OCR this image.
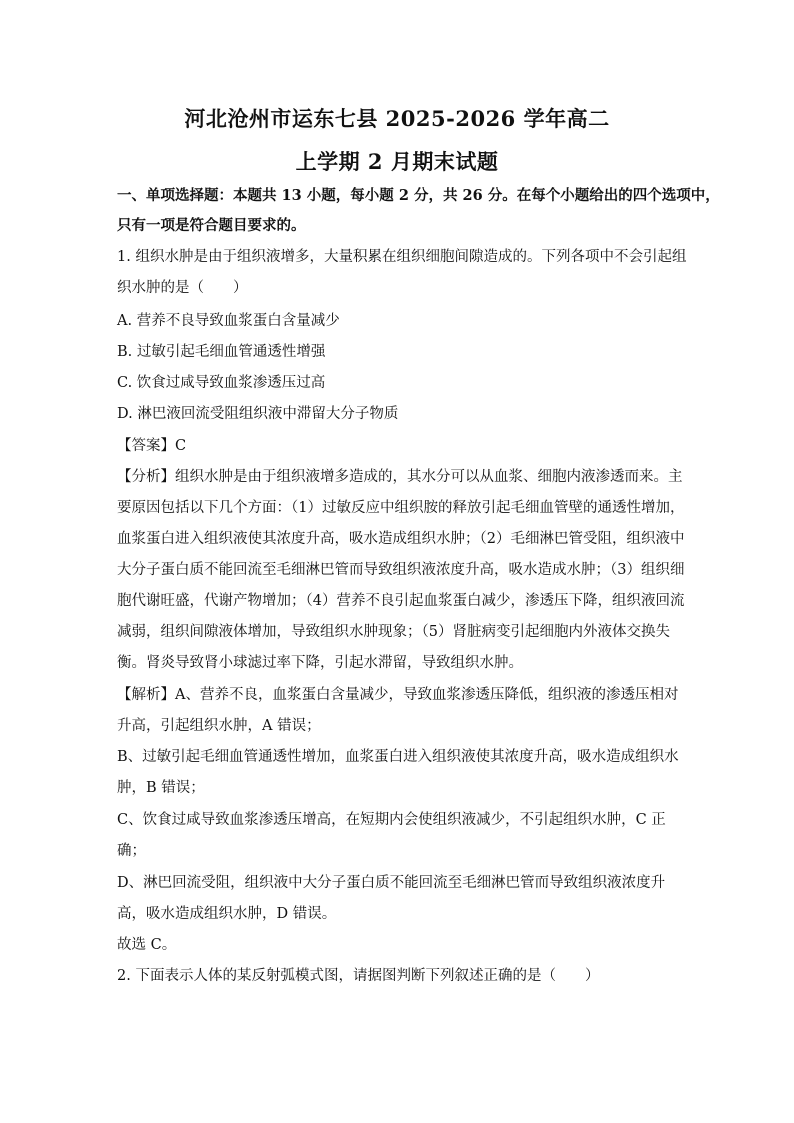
河北沧州市运东七县 2025-2026 学年高二
上学期 2 月期末试题
一、单项选择题：本题共 13 小题，每小题 2 分，共 26 分。在每个小题给出的四个选项中，
只有一项是符合题目要求的。
1. 组织水肿是由于组织液增多，大量积累在组织细胞间隙造成的。下列各项中不会引起组
织水肿的是（　　）
A. 营养不良导致血浆蛋白含量减少
B. 过敏引起毛细血管通透性增强
C. 饮食过咸导致血浆渗透压过高
D. 淋巴液回流受阻组织液中滞留大分子物质
【答案】C
【分析】组织水肿是由于组织液增多造成的，其水分可以从血浆、细胞内液渗透而来。主
要原因包括以下几个方面：（1）过敏反应中组织胺的释放引起毛细血管壁的通透性增加，
血浆蛋白进入组织液使其浓度升高，吸水造成组织水肿；（2）毛细淋巴管受阻，组织液中
大分子蛋白质不能回流至毛细淋巴管而导致组织液浓度升高，吸水造成水肿；（3）组织细
胞代谢旺盛，代谢产物增加；（4）营养不良引起血浆蛋白减少，渗透压下降，组织液回流
减弱，组织间隙液体增加，导致组织水肿现象；（5）肾脏病变引起细胞内外液体交换失
衡。肾炎导致肾小球滤过率下降，引起水滞留，导致组织水肿。
【解析】A、营养不良，血浆蛋白含量减少，导致血浆渗透压降低，组织液的渗透压相对
升高，引起组织水肿，A 错误；
B、过敏引起毛细血管通透性增加，血浆蛋白进入组织液使其浓度升高，吸水造成组织水
肿，B 错误；
C、饮食过咸导致血浆渗透压增高，在短期内会使组织液减少，不引起组织水肿，C 正
确；
D、淋巴回流受阻，组织液中大分子蛋白质不能回流至毛细淋巴管而导致组织液浓度升
高，吸水造成组织水肿，D 错误。
故选 C。
2. 下面表示人体的某反射弧模式图，请据图判断下列叙述正确的是（　　）
